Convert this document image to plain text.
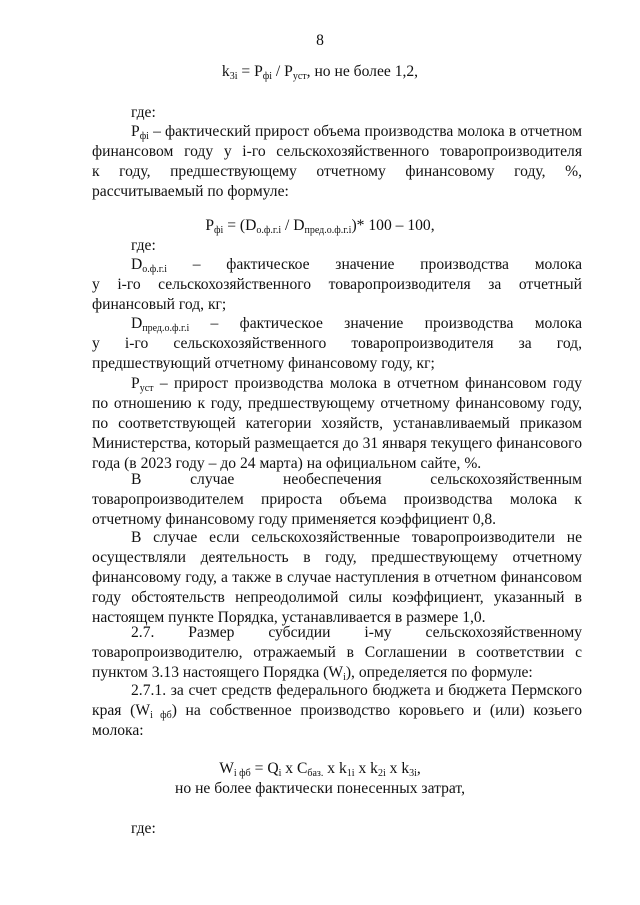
8
$k_{3i} = P_{фi} / P_{уст}$, но не более 1,2,
где:
$P_{фi}$ – фактический прирост объема производства молока в отчетном
финансовом году у i-го сельскохозяйственного товаропроизводителя
к году, предшествующему отчетному финансовому году, %,
рассчитываемый по формуле:
$P_{фi} = (D_{о.ф.г.i} / D_{пред.о.ф.г.i})*$ 100 – 100,
где:
$D_{о.ф.г.i}$ – фактическое значение производства молока
у i-го сельскохозяйственного товаропроизводителя за отчетный
финансовый год, кг;
$D_{пред.о.ф.г.i}$ – фактическое значение производства молока
у i-го сельскохозяйственного товаропроизводителя за год,
предшествующий отчетному финансовому году, кг;
$P_{уст}$ – прирост производства молока в отчетном финансовом году по отношению к году, предшествующему отчетному финансовому году, по соответствующей категории хозяйств, устанавливаемый приказом Министерства, который размещается до 31 января текущего финансового года (в 2023 году – до 24 марта) на официальном сайте, %.
В случае необеспечения сельскохозяйственным товаропроизводителем прироста объема производства молока к отчетному финансовому году применяется коэффициент 0,8.
В случае если сельскохозяйственные товаропроизводители не осуществляли деятельность в году, предшествующему отчетному финансовому году, а также в случае наступления в отчетном финансовом году обстоятельств непреодолимой силы коэффициент, указанный в настоящем пункте Порядка, устанавливается в размере 1,0.
2.7. Размер субсидии i-му сельскохозяйственному товаропроизводителю, отражаемый в Соглашении в соответствии с пунктом 3.13 настоящего Порядка $(W_i)$, определяется по формуле:
2.7.1. за счет средств федерального бюджета и бюджета Пермского края $(W_{i фб})$ на собственное производство коровьего и (или) козьего молока:
$W_{i фб} = Q_i$ x $C_{баз.}$ x $k_{1i}$ x $k_{2i}$ x $k_{3i}$,
но не более фактически понесенных затрат,
где:
